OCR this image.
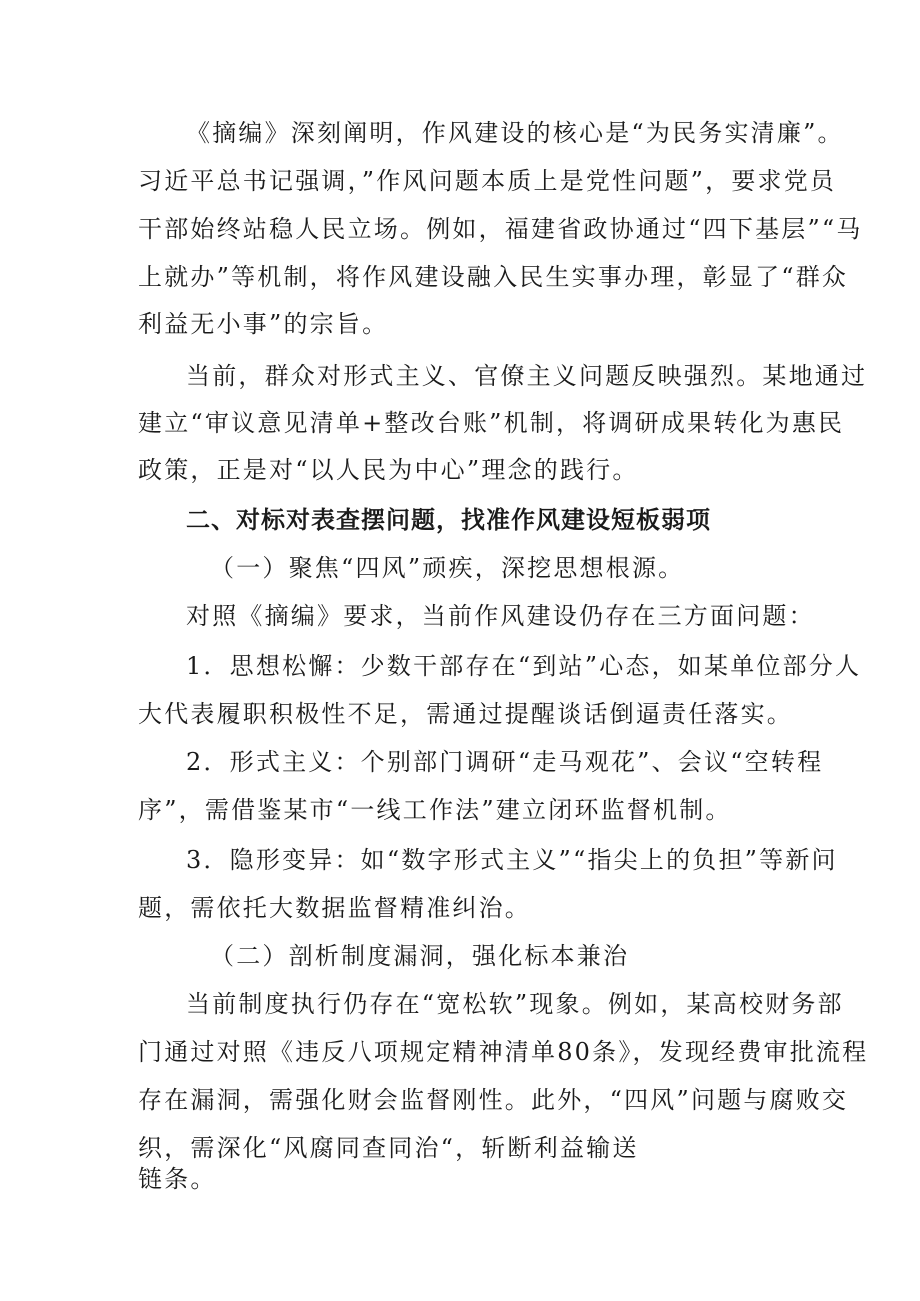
《摘编》深刻阐明，作风建设的核心是“为民务实清廉”。
习近平总书记强调，”作风问题本质上是党性问题”，要求党员
干部始终站稳人民立场。例如，福建省政协通过“四下基层”“马
上就办”等机制，将作风建设融入民生实事办理，彰显了“群众
利益无小事”的宗旨。
当前，群众对形式主义、官僚主义问题反映强烈。某地通过
建立“审议意见清单+整改台账”机制，将调研成果转化为惠民
政策，正是对“以人民为中心”理念的践行。
二、对标对表查摆问题，找准作风建设短板弱项
（一）聚焦“四风”顽疾，深挖思想根源。
对照《摘编》要求，当前作风建设仍存在三方面问题：
1．思想松懈：少数干部存在“到站”心态，如某单位部分人
大代表履职积极性不足，需通过提醒谈话倒逼责任落实。
2．形式主义：个别部门调研“走马观花”、会议“空转程
序”，需借鉴某市“一线工作法”建立闭环监督机制。
3．隐形变异：如“数字形式主义”“指尖上的负担”等新问
题，需依托大数据监督精准纠治。
（二）剖析制度漏洞，强化标本兼治
当前制度执行仍存在“宽松软”现象。例如，某高校财务部
门通过对照《违反八项规定精神清单80条》，发现经费审批流程
存在漏洞，需强化财会监督刚性。此外，“四风”问题与腐败交
织，需深化“风腐同查同治“，斩断利益输送
链条。
